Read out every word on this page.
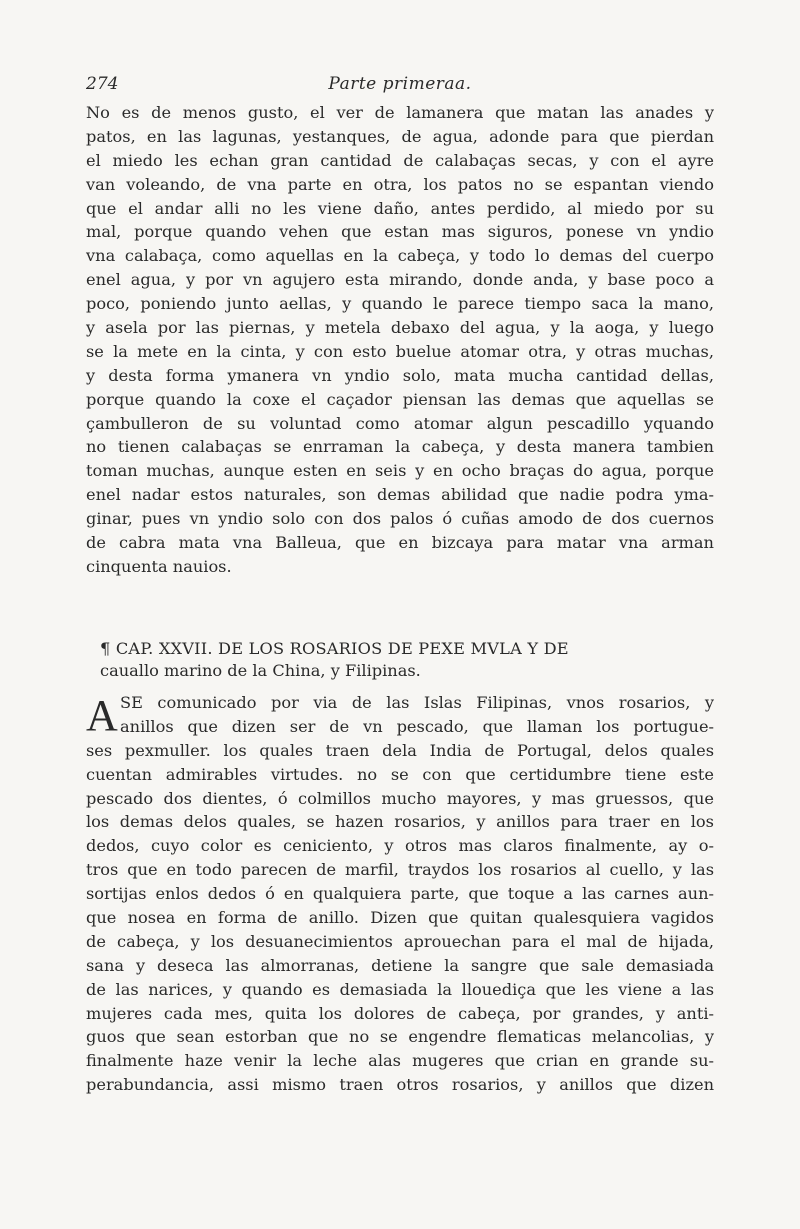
274	Parte primeraa.
No es de menos gusto, el ver de lamanera que matan las anades y
patos, en las lagunas, yestanques, de agua, adonde para que pierdan
el miedo les echan gran cantidad de calabaças secas, y con el ayre
van voleando, de vna parte en otra, los patos no se espantan viendo
que el andar alli no les viene daño, antes perdido, al miedo por su
mal, porque quando vehen que estan mas siguros, ponese vn yndio
vna calabaça, como aquellas en la cabeça, y todo lo demas del cuerpo
enel agua, y por vn agujero esta mirando, donde anda, y base poco a
poco, poniendo junto aellas, y quando le parece tiempo saca la mano,
y asela por las piernas, y metela debaxo del agua, y la aoga, y luego
se la mete en la cinta, y con esto buelue atomar otra, y otras muchas,
y desta forma ymanera vn yndio solo, mata mucha cantidad dellas,
porque quando la coxe el caçador piensan las demas que aquellas se
çambulleron de su voluntad como atomar algun pescadillo yquando
no tienen calabaças se enrraman la cabeça, y desta manera tambien
toman muchas, aunque esten en seis y en ocho braças do agua, porque
enel nadar estos naturales, son demas abilidad que nadie podra yma-
ginar, pues vn yndio solo con dos palos ó cuñas amodo de dos cuernos
de cabra mata vna Balleua, que en bizcaya para matar vna arman
cinquenta nauios.
¶ CAP. XXVII. DE LOS ROSARIOS DE PEXE MVLA Y DE
cauallo marino de la China, y Filipinas.
A SE comunicado por via de las Islas Filipinas, vnos rosarios, y
anillos que dizen ser de vn pescado, que llaman los portugue-
ses pexmuller. los quales traen dela India de Portugal, delos quales
cuentan admirables virtudes. no se con que certidumbre tiene este
pescado dos dientes, ó colmillos mucho mayores, y mas gruessos, que
los demas delos quales, se hazen rosarios, y anillos para traer en los
dedos, cuyo color es ceniciento, y otros mas claros finalmente, ay o-
tros que en todo parecen de marfil, traydos los rosarios al cuello, y las
sortijas enlos dedos ó en qualquiera parte, que toque a las carnes aun-
que nosea en forma de anillo. Dizen que quitan qualesquiera vagidos
de cabeça, y los desuanecimientos aprouechan para el mal de hijada,
sana y deseca las almorranas, detiene la sangre que sale demasiada
de las narices, y quando es demasiada la llouediça que les viene a las
mujeres cada mes, quita los dolores de cabeça, por grandes, y anti-
guos que sean estorban que no se engendre flematicas melancolias, y
finalmente haze venir la leche alas mugeres que crian en grande su-
perabundancia, assi mismo traen otros rosarios, y anillos que dizen
